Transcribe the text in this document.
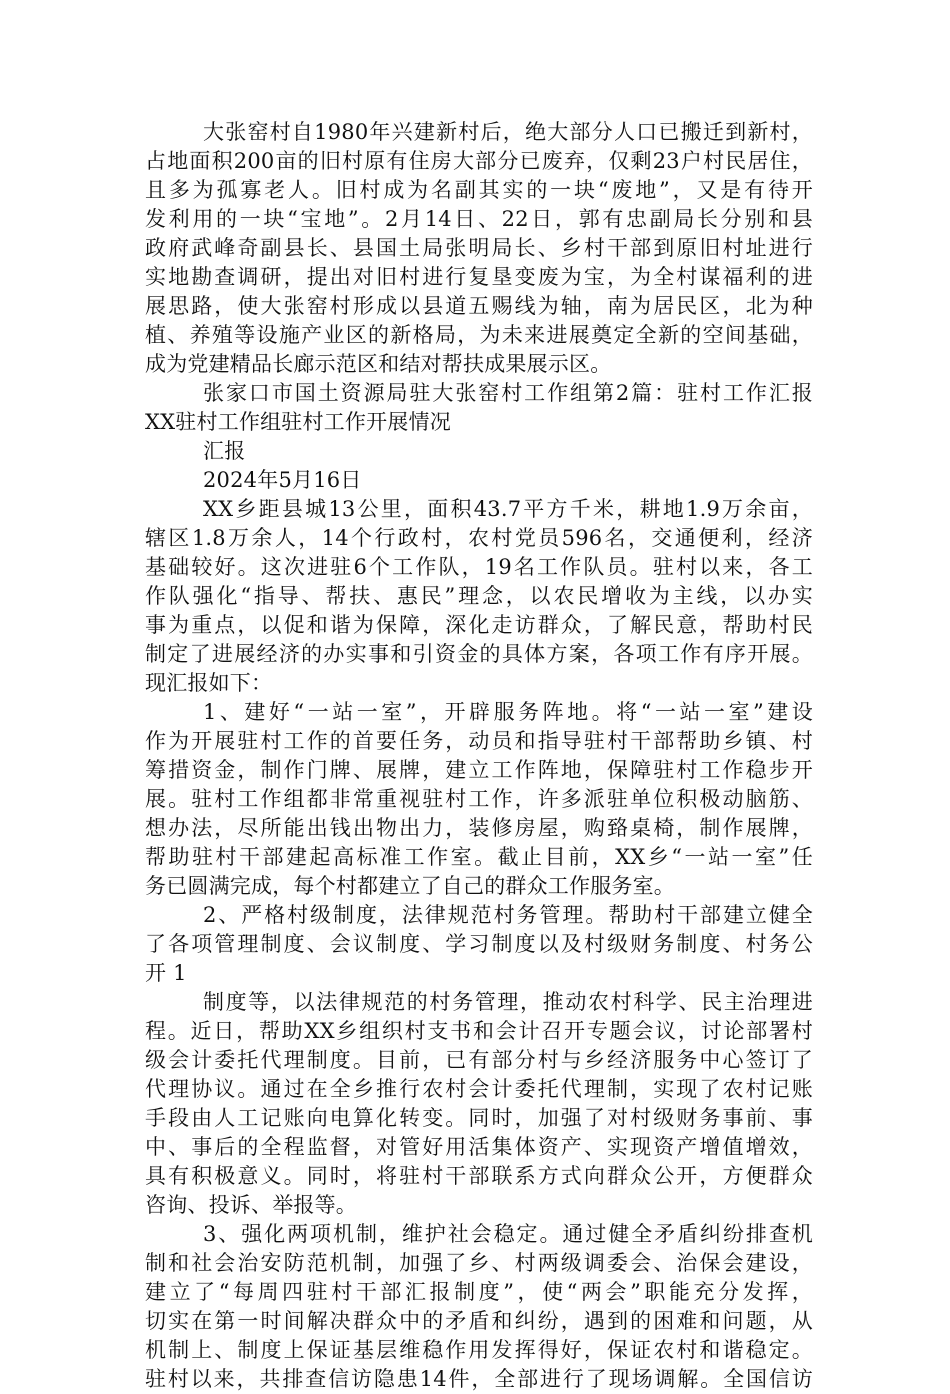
大张窑村自1980年兴建新村后，绝大部分人口已搬迁到新村，
占地面积200亩的旧村原有住房大部分已废弃，仅剩23户村民居住，
且多为孤寡老人。旧村成为名副其实的一块“废地”，又是有待开
发利用的一块“宝地”。2月14日、22日，郭有忠副局长分别和县
政府武峰奇副县长、县国土局张明局长、乡村干部到原旧村址进行
实地勘查调研，提出对旧村进行复垦变废为宝，为全村谋福利的进
展思路，使大张窑村形成以县道五赐线为轴，南为居民区，北为种
植、养殖等设施产业区的新格局，为未来进展奠定全新的空间基础，
成为党建精品长廊示范区和结对帮扶成果展示区。
张家口市国土资源局驻大张窑村工作组第2篇：驻村工作汇报
XX驻村工作组驻村工作开展情况
汇报
2024年5月16日
XX乡距县城13公里，面积43.7平方千米，耕地1.9万余亩，
辖区1.8万余人，14个行政村，农村党员596名，交通便利，经济
基础较好。这次进驻6个工作队，19名工作队员。驻村以来，各工
作队强化“指导、帮扶、惠民”理念，以农民增收为主线，以办实
事为重点，以促和谐为保障，深化走访群众，了解民意，帮助村民
制定了进展经济的办实事和引资金的具体方案，各项工作有序开展。
现汇报如下：
1、建好“一站一室”，开辟服务阵地。将“一站一室”建设
作为开展驻村工作的首要任务，动员和指导驻村干部帮助乡镇、村
筹措资金，制作门牌、展牌，建立工作阵地，保障驻村工作稳步开
展。驻村工作组都非常重视驻村工作，许多派驻单位积极动脑筋、
想办法，尽所能出钱出物出力，装修房屋，购臵桌椅，制作展牌，
帮助驻村干部建起高标准工作室。截止目前，XX乡“一站一室”任
务已圆满完成，每个村都建立了自己的群众工作服务室。
2、严格村级制度，法律规范村务管理。帮助村干部建立健全
了各项管理制度、会议制度、学习制度以及村级财务制度、村务公
开 1
制度等，以法律规范的村务管理，推动农村科学、民主治理进
程。近日，帮助XX乡组织村支书和会计召开专题会议，讨论部署村
级会计委托代理制度。目前，已有部分村与乡经济服务中心签订了
代理协议。通过在全乡推行农村会计委托代理制，实现了农村记账
手段由人工记账向电算化转变。同时，加强了对村级财务事前、事
中、事后的全程监督，对管好用活集体资产、实现资产增值增效，
具有积极意义。同时，将驻村干部联系方式向群众公开，方便群众
咨询、投诉、举报等。
3、强化两项机制，维护社会稳定。通过健全矛盾纠纷排查机
制和社会治安防范机制，加强了乡、村两级调委会、治保会建设，
建立了“每周四驻村干部汇报制度”，使“两会”职能充分发挥，
切实在第一时间解决群众中的矛盾和纠纷，遇到的困难和问题，从
机制上、制度上保证基层维稳作用发挥得好，保证农村和谐稳定。
驻村以来，共排查信访隐患14件，全部进行了现场调解。全国信访
